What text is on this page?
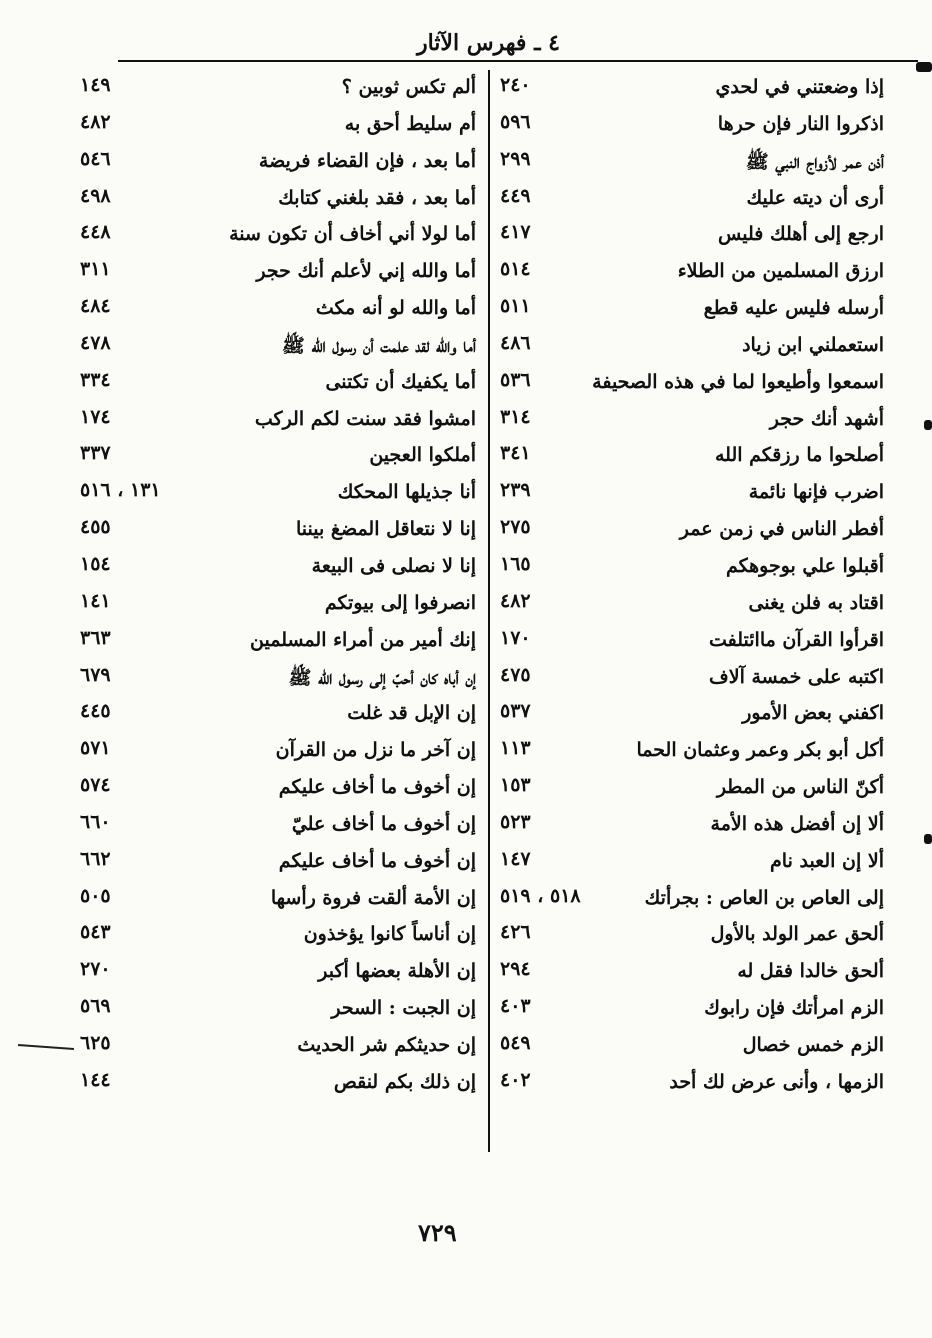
٤ ـ فهرس الآثار
إذا وضعتني في لحدي
٢٤٠
اذكروا النار فإن حرها
٥٩٦
أذن عمر لأزواج النبي ﷺ
٢٩٩
أرى أن ديته عليك
٤٤٩
ارجع إلى أهلك فليس
٤١٧
ارزق المسلمين من الطلاء
٥١٤
أرسله فليس عليه قطع
٥١١
استعملني ابن زياد
٤٨٦
اسمعوا وأطيعوا لما في هذه الصحيفة
٥٣٦
أشهد أنك حجر
٣١٤
أصلحوا ما رزقكم الله
٣٤١
اضرب فإنها نائمة
٢٣٩
أفطر الناس في زمن عمر
٢٧٥
أقبلوا علي بوجوهكم
١٦٥
اقتاد به فلن يغنى
٤٨٢
اقرأوا القرآن ماائتلفت
١٧٠
اكتبه على خمسة آلاف
٤٧٥
اكفني بعض الأمور
٥٣٧
أكل أبو بكر وعمر وعثمان الحما
١١٣
أكنّ الناس من المطر
١٥٣
ألا إن أفضل هذه الأمة
٥٢٣
ألا إن العبد نام
١٤٧
إلى العاص بن العاص : بجرأتك
٥١٨ ، ٥١٩
ألحق عمر الولد بالأول
٤٢٦
ألحق خالدا فقل له
٢٩٤
الزم امرأتك فإن رابوك
٤٠٣
الزم خمس خصال
٥٤٩
الزمها ، وأنى عرض لك أحد
٤٠٢
ألم تكس ثوبين ؟
١٤٩
أم سليط أحق به
٤٨٢
أما بعد ، فإن القضاء فريضة
٥٤٦
أما بعد ، فقد بلغني كتابك
٤٩٨
أما لولا أني أخاف أن تكون سنة
٤٤٨
أما والله إني لأعلم أنك حجر
٣١١
أما والله لو أنه مكث
٤٨٤
أما والله لقد علمت أن رسول الله ﷺ
٤٧٨
أما يكفيك أن تكتنى
٣٣٤
امشوا فقد سنت لكم الركب
١٧٤
أملكوا العجين
٣٣٧
أنا جذيلها المحكك
١٣١ ، ٥١٦
إنا لا نتعاقل المضغ بيننا
٤٥٥
إنا لا نصلى فى البيعة
١٥٤
انصرفوا إلى بيوتكم
١٤١
إنك أمير من أمراء المسلمين
٣٦٣
إن أباه كان أحبّ إلى رسول الله ﷺ
٦٧٩
إن الإبل قد غلت
٤٤٥
إن آخر ما نزل من القرآن
٥٧١
إن أخوف ما أخاف عليكم
٥٧٤
إن أخوف ما أخاف عليّ
٦٦٠
إن أخوف ما أخاف عليكم
٦٦٢
إن الأمة ألقت فروة رأسها
٥٠٥
إن أناساً كانوا يؤخذون
٥٤٣
إن الأهلة بعضها أكبر
٢٧٠
إن الجبت : السحر
٥٦٩
إن حديثكم شر الحديث
٦٢٥
إن ذلك بكم لنقص
١٤٤
٧٢٩
